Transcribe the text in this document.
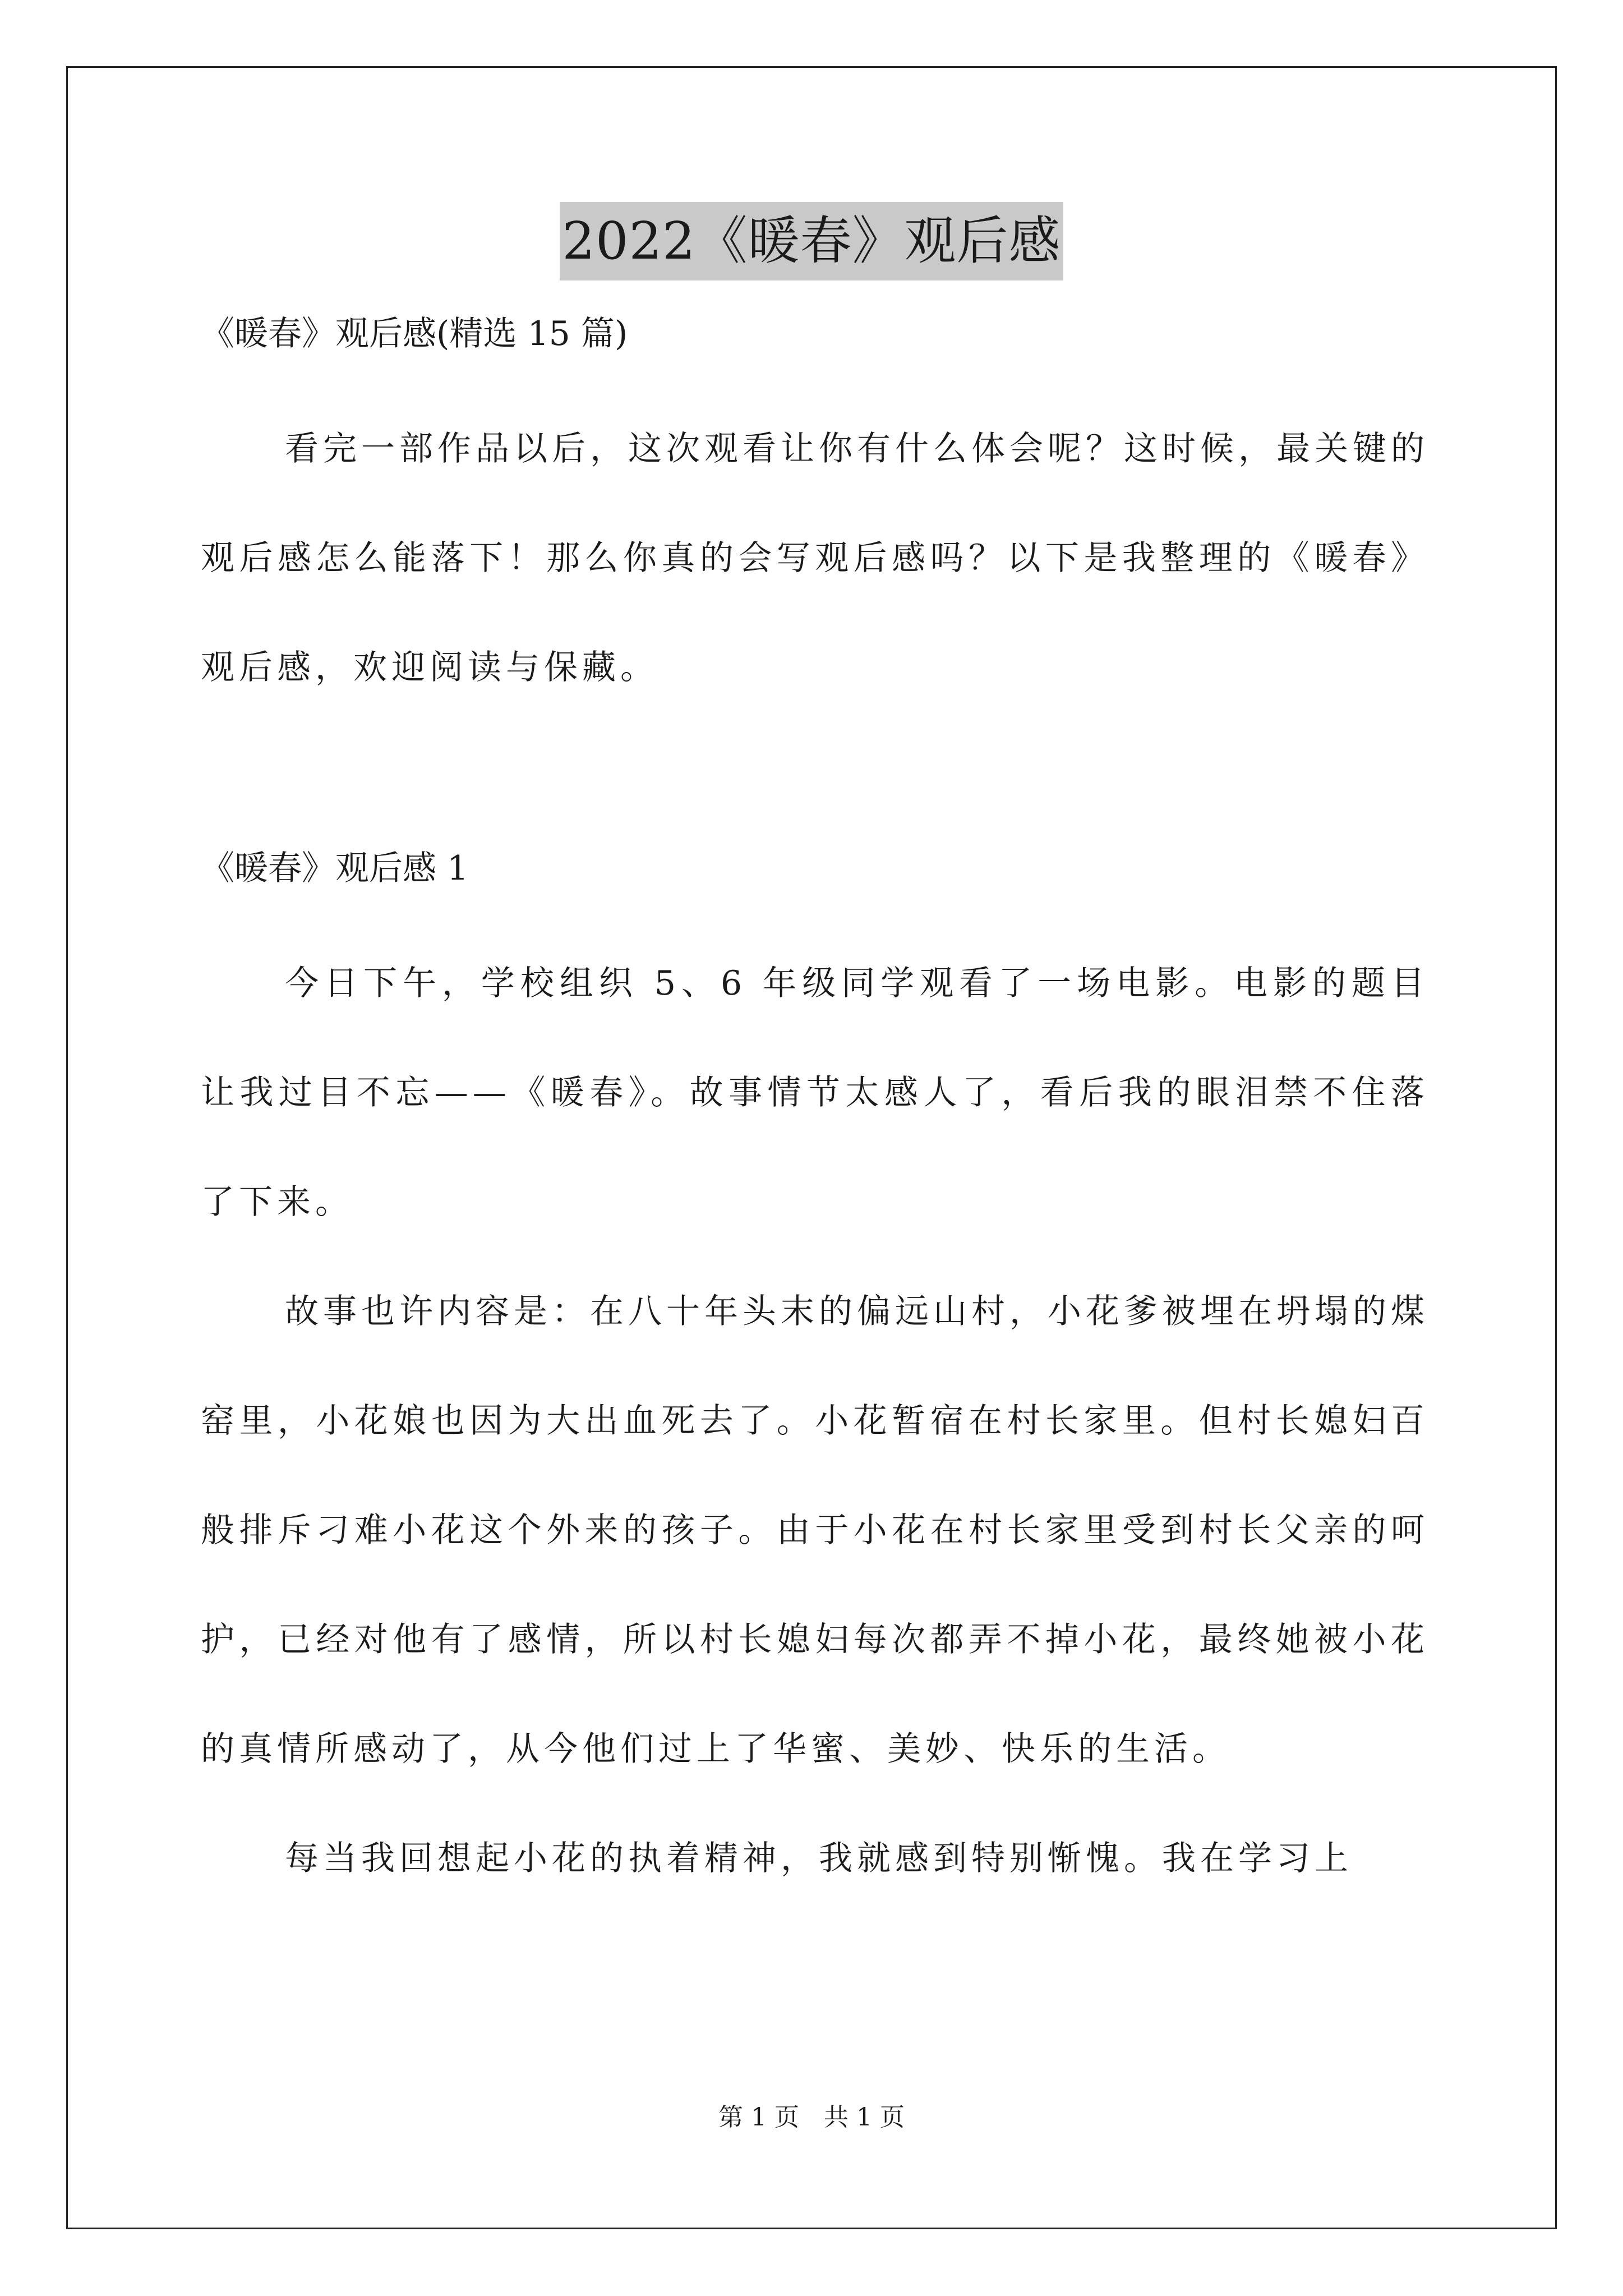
2022《暖春》观后感

《暖春》观后感(精选 15 篇)

看完一部作品以后，这次观看让你有什么体会呢？这时候，最关键的观后感怎么能落下！那么你真的会写观后感吗？以下是我整理的《暖春》观后感，欢迎阅读与保藏。

《暖春》观后感 1

今日下午，学校组织 5、6 年级同学观看了一场电影。电影的题目让我过目不忘——《暖春》。故事情节太感人了，看后我的眼泪禁不住落了下来。

故事也许内容是：在八十年头末的偏远山村，小花爹被埋在坍塌的煤窑里，小花娘也因为大出血死去了。小花暂宿在村长家里。但村长媳妇百般排斥刁难小花这个外来的孩子。由于小花在村长家里受到村长父亲的呵护，已经对他有了感情，所以村长媳妇每次都弄不掉小花，最终她被小花的真情所感动了，从今他们过上了华蜜、美妙、快乐的生活。

每当我回想起小花的执着精神，我就感到特别惭愧。我在学习上

第 1 页　共 1 页
